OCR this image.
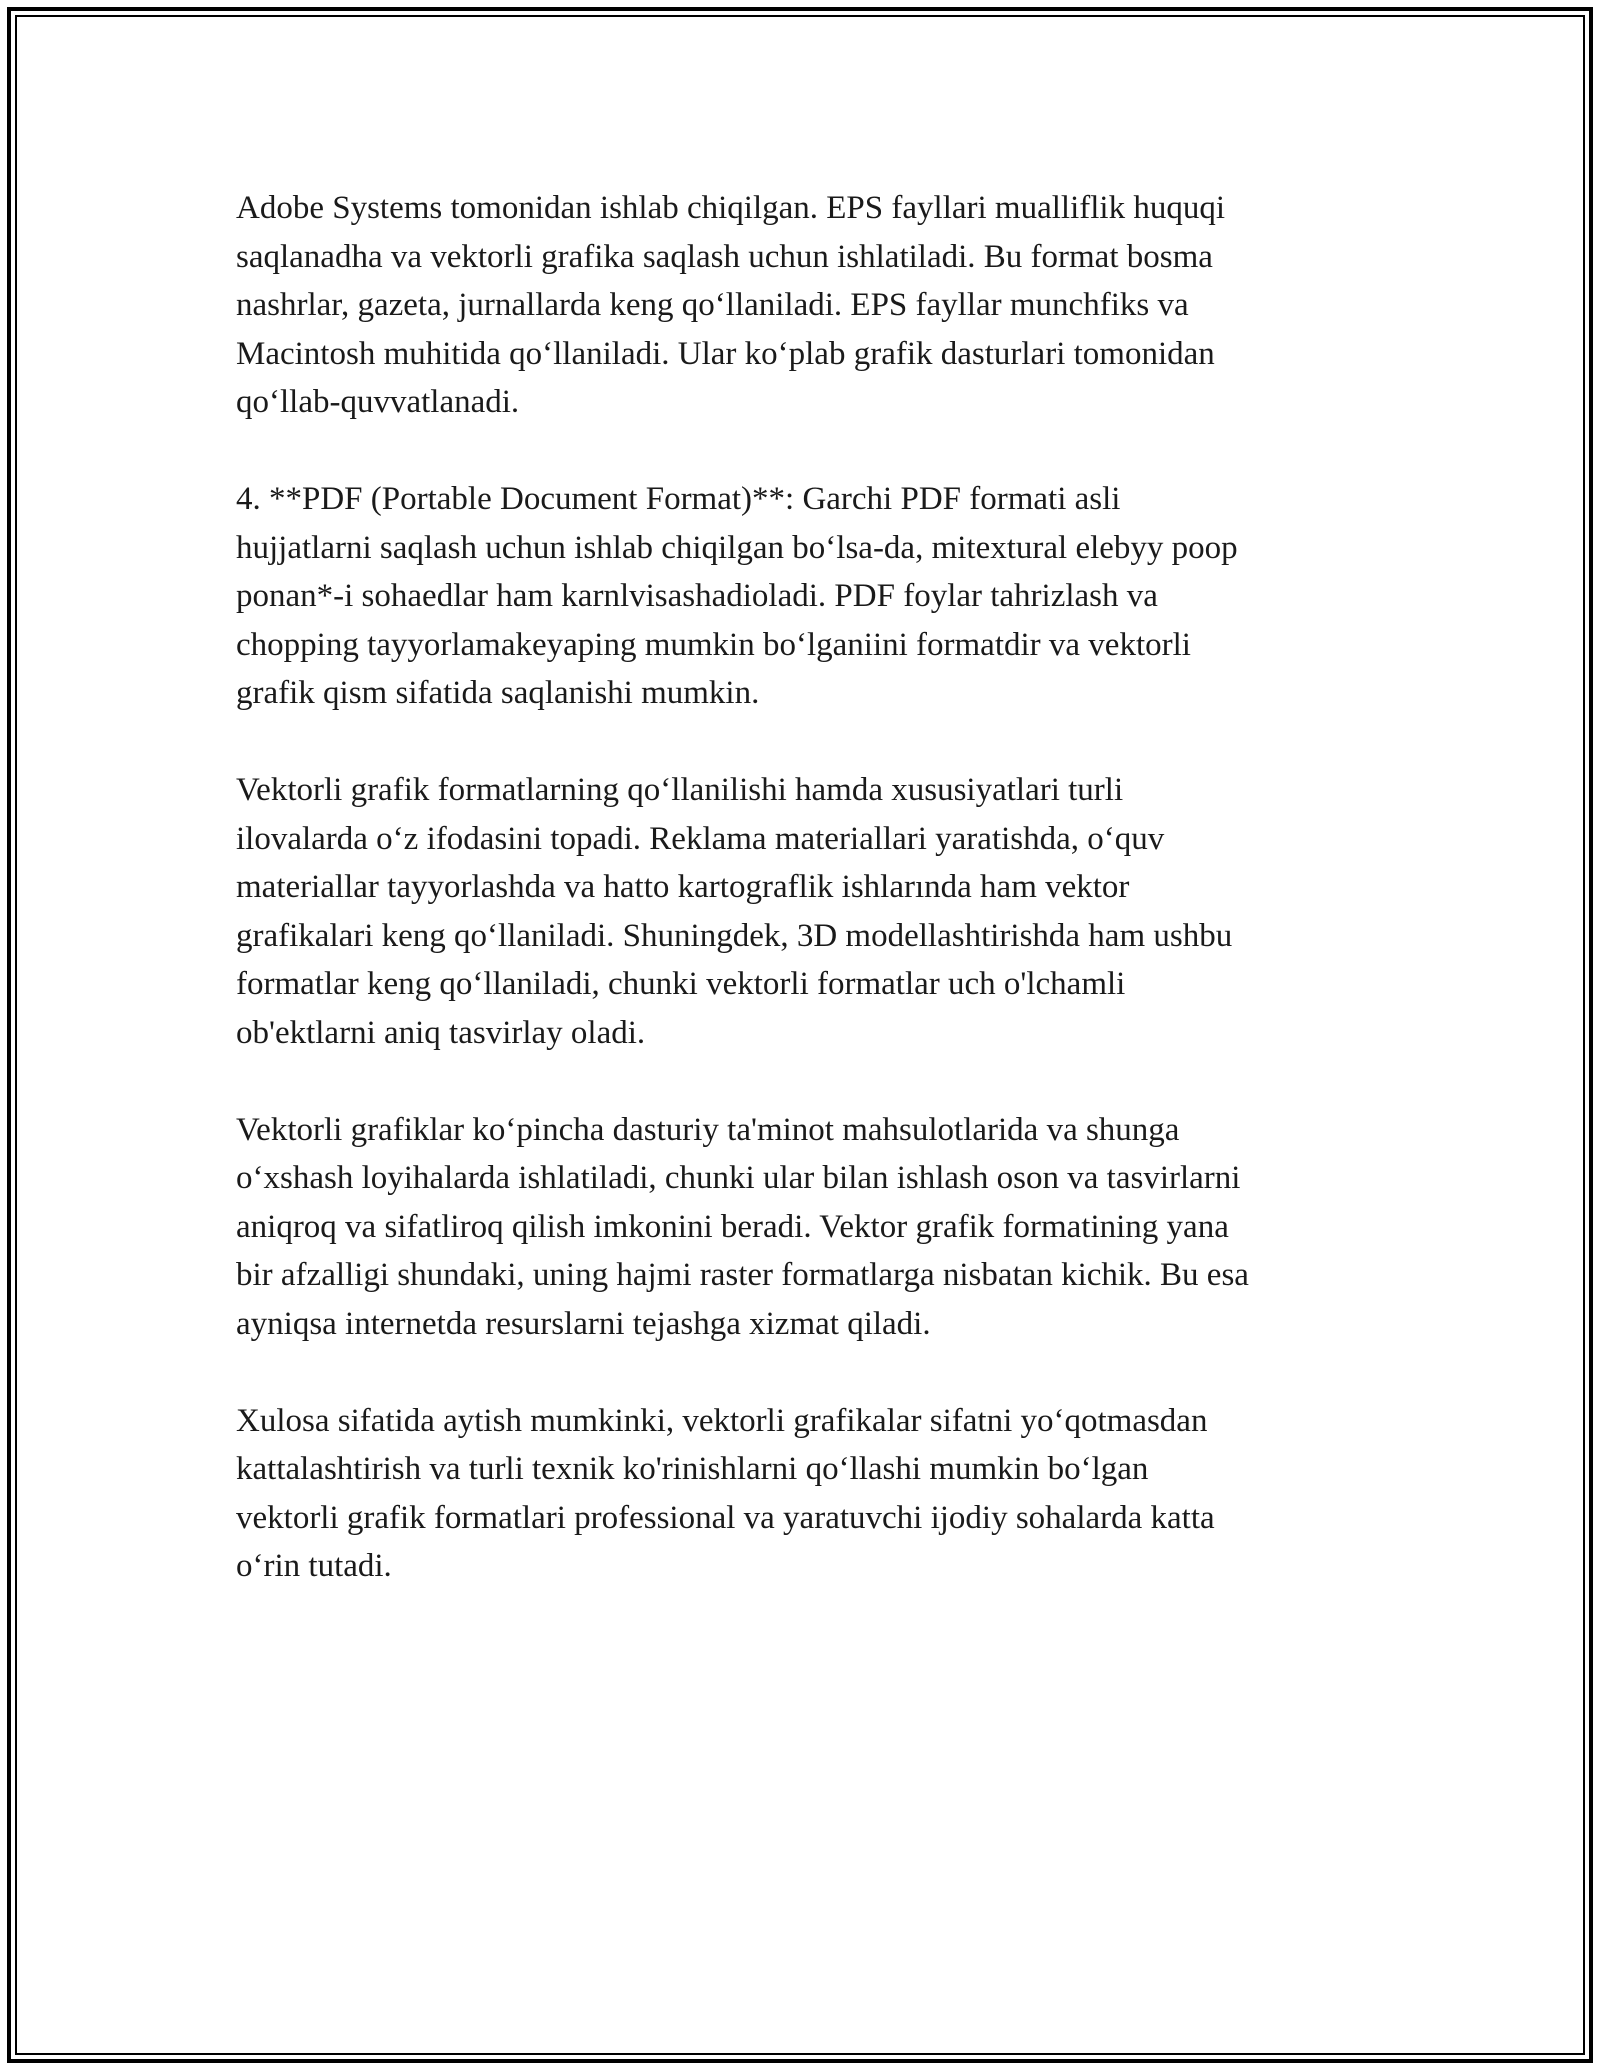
Adobe Systems tomonidan ishlab chiqilgan. EPS fayllari mualliflik huquqi
saqlanadha va vektorli grafika saqlash uchun ishlatiladi. Bu format bosma
nashrlar, gazeta, jurnallarda keng qo‘llaniladi. EPS fayllar munchfiks va
Macintosh muhitida qo‘llaniladi. Ular ko‘plab grafik dasturlari tomonidan
qo‘llab-quvvatlanadi.

4. **PDF (Portable Document Format)**: Garchi PDF formati asli
hujjatlarni saqlash uchun ishlab chiqilgan bo‘lsa-da, mitextural elebyy poop
ponan*-i sohaedlar ham karnlvisashadioladi. PDF foylar tahrizlash va
chopping tayyorlamakeyaping mumkin bo‘lganiini formatdir va vektorli
grafik qism sifatida saqlanishi mumkin.

Vektorli grafik formatlarning qo‘llanilishi hamda xususiyatlari turli
ilovalarda o‘z ifodasini topadi. Reklama materiallari yaratishda, o‘quv
materiallar tayyorlashda va hatto kartograflik ishlarında ham vektor
grafikalari keng qo‘llaniladi. Shuningdek, 3D modellashtirishda ham ushbu
formatlar keng qo‘llaniladi, chunki vektorli formatlar uch o'lchamli
ob'ektlarni aniq tasvirlay oladi.

Vektorli grafiklar ko‘pincha dasturiy ta'minot mahsulotlarida va shunga
o‘xshash loyihalarda ishlatiladi, chunki ular bilan ishlash oson va tasvirlarni
aniqroq va sifatliroq qilish imkonini beradi. Vektor grafik formatining yana
bir afzalligi shundaki, uning hajmi raster formatlarga nisbatan kichik. Bu esa
ayniqsa internetda resurslarni tejashga xizmat qiladi.

Xulosa sifatida aytish mumkinki, vektorli grafikalar sifatni yo‘qotmasdan
kattalashtirish va turli texnik ko'rinishlarni qo‘llashi mumkin bo‘lgan
vektorli grafik formatlari professional va yaratuvchi ijodiy sohalarda katta
o‘rin tutadi.
